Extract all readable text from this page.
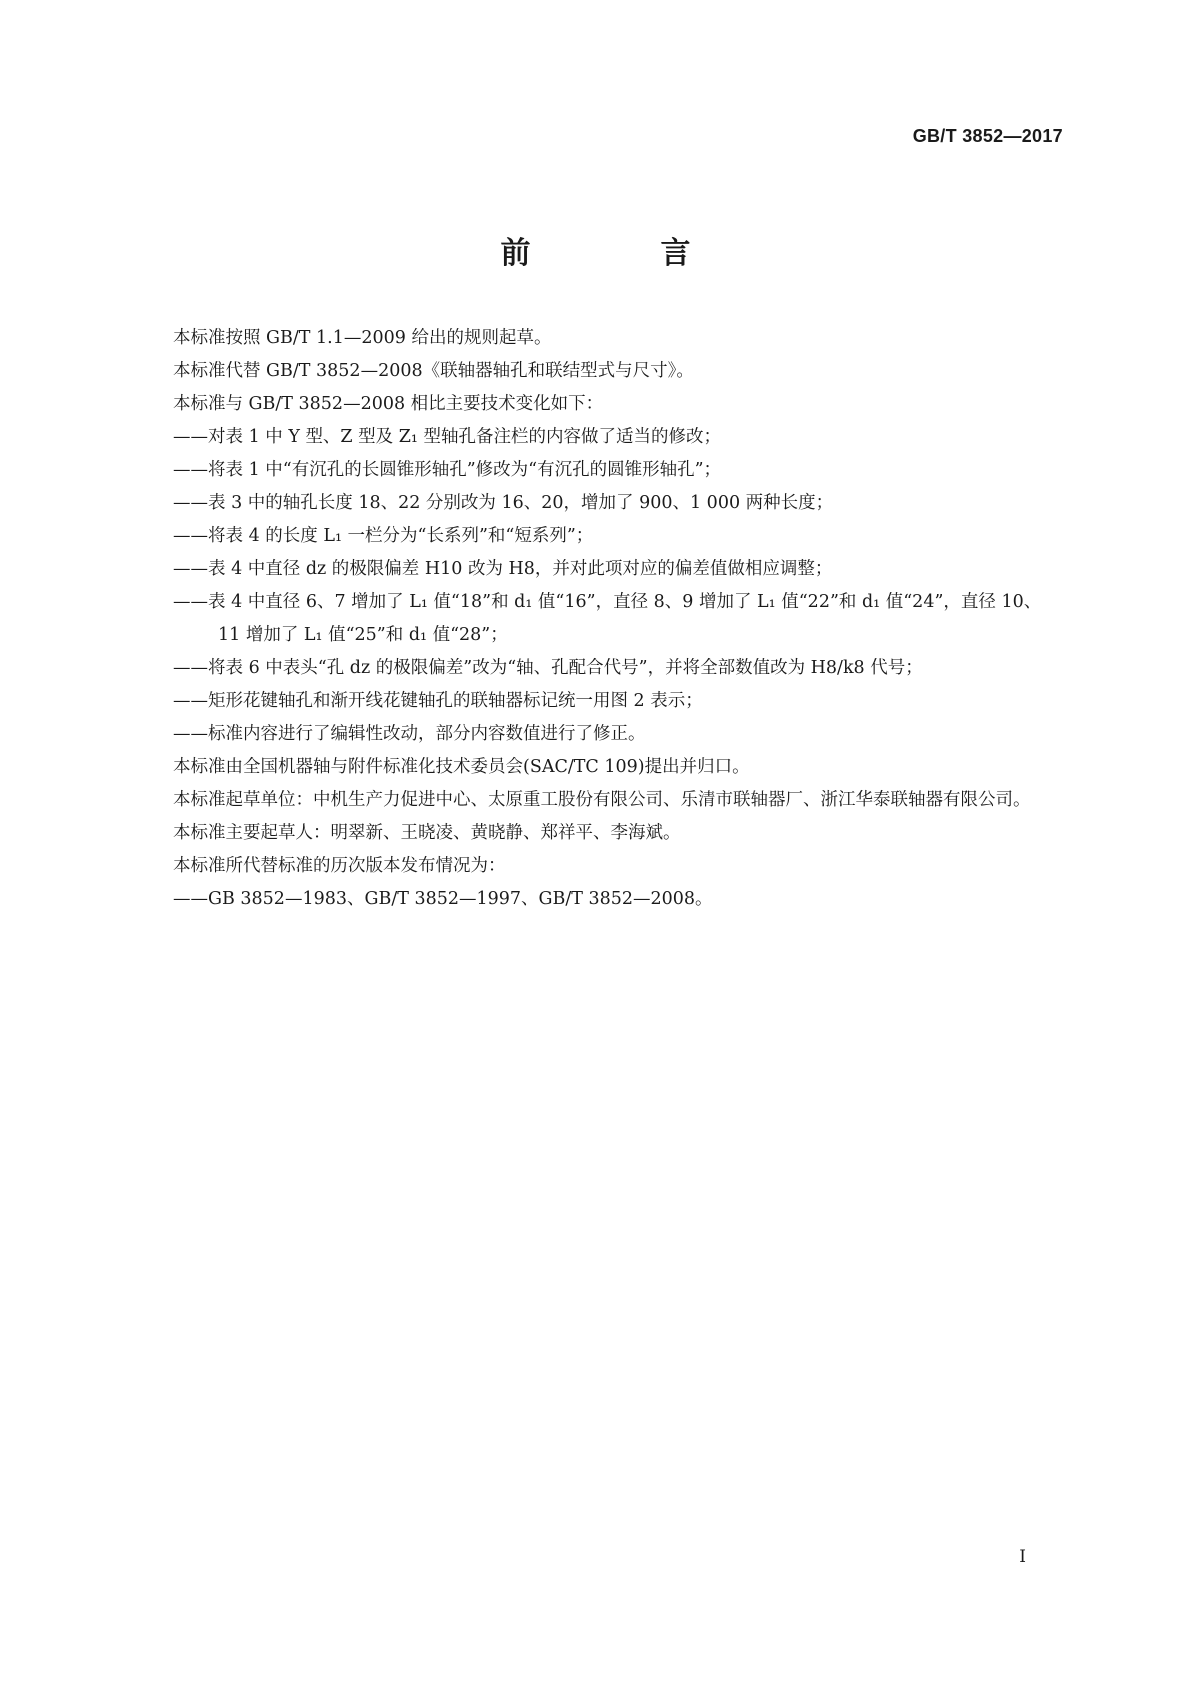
GB/T 3852—2017
前　言

本标准按照 GB/T 1.1—2009 给出的规则起草。

本标准代替 GB/T 3852—2008《联轴器轴孔和联结型式与尺寸》。

本标准与 GB/T 3852—2008 相比主要技术变化如下：

——对表 1 中 Y 型、Z 型及 Z₁ 型轴孔备注栏的内容做了适当的修改；

——将表 1 中“有沉孔的长圆锥形轴孔”修改为“有沉孔的圆锥形轴孔”；

——表 3 中的轴孔长度 18、22 分别改为 16、20，增加了 900、1 000 两种长度；

——将表 4 的长度 L₁ 一栏分为“长系列”和“短系列”；

——表 4 中直径 dz 的极限偏差 H10 改为 H8，并对此项对应的偏差值做相应调整；

——表 4 中直径 6、7 增加了 L₁ 值“18”和 d₁ 值“16”，直径 8、9 增加了 L₁ 值“22”和 d₁ 值“24”，直径 10、11 增加了 L₁ 值“25”和 d₁ 值“28”；

——将表 6 中表头“孔 dz 的极限偏差”改为“轴、孔配合代号”，并将全部数值改为 H8/k8 代号；

——矩形花键轴孔和渐开线花键轴孔的联轴器标记统一用图 2 表示；

——标准内容进行了编辑性改动，部分内容数值进行了修正。

本标准由全国机器轴与附件标准化技术委员会(SAC/TC 109)提出并归口。

本标准起草单位：中机生产力促进中心、太原重工股份有限公司、乐清市联轴器厂、浙江华泰联轴器有限公司。

本标准主要起草人：明翠新、王晓凌、黄晓静、郑祥平、李海斌。

本标准所代替标准的历次版本发布情况为：

——GB 3852—1983、GB/T 3852—1997、GB/T 3852—2008。

I
